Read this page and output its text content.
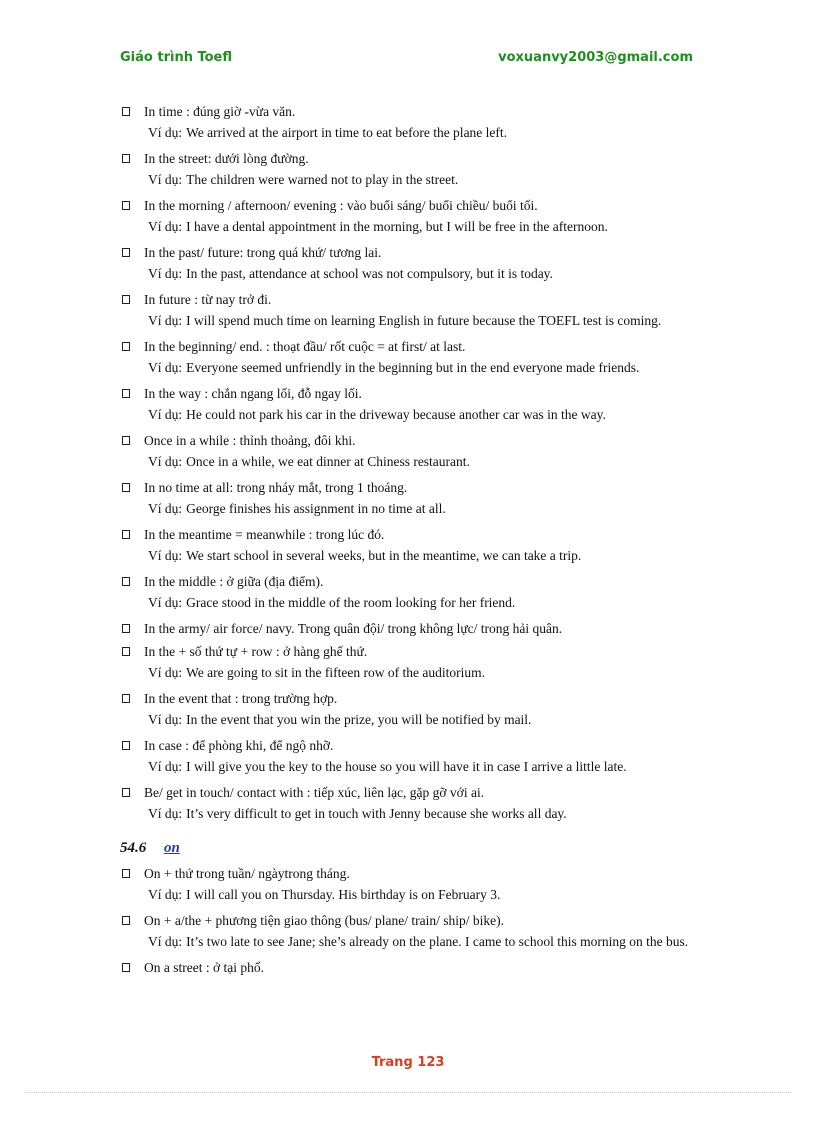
Giáo trình Toefl	voxuanvy2003@gmail.com
In time : đúng giờ -vừa văn.
Ví dụ: We arrived at the airport in time to eat before the plane left.
In the street: dưới lòng đường.
Ví dụ: The children were warned not to play in the street.
In the morning / afternoon/ evening : vào buổi sáng/ buổi chiều/ buổi tối.
Ví dụ: I have a dental appointment in the morning, but I will be free in the afternoon.
In the past/ future: trong quá khứ/ tương lai.
Ví dụ: In the past, attendance at school was not compulsory, but it is today.
In future : từ nay trở đi.
Ví dụ: I will spend much time on learning English in future because the TOEFL test is coming.
In the beginning/ end. : thoạt đầu/ rốt cuộc = at first/ at last.
Ví dụ: Everyone seemed unfriendly in the beginning but in the end everyone made friends.
In the way : chắn ngang lối, đỗ ngay lối.
Ví dụ: He could not park his car in the driveway because another car was in the way.
Once in a while : thỉnh thoảng, đôi khi.
Ví dụ: Once in a while, we eat dinner at Chiness restaurant.
In no time at all: trong nháy mắt, trong 1 thoáng.
Ví dụ: George finishes his assignment in no time at all.
In the meantime = meanwhile : trong lúc đó.
Ví dụ: We start school in several weeks, but in the meantime, we can take a trip.
In the middle : ở giữa (địa điểm).
Ví dụ: Grace stood in the middle of the room looking for her friend.
In the army/ air force/ navy. Trong quân đội/ trong không lực/ trong hải quân.
In the + số thứ tự + row : ở hàng ghế thứ.
Ví dụ: We are going to sit in the fifteen row of the auditorium.
In the event that : trong trường hợp.
Ví dụ: In the event that you win the prize, you will be notified by mail.
In case : để phòng khi, để ngộ nhỡ.
Ví dụ: I will give you the key to the house so you will have it in case I arrive a little late.
Be/ get in touch/ contact with : tiếp xúc, liên lạc, gặp gỡ với ai.
Ví dụ: It’s very difficult to get in touch with Jenny because she works all day.
54.6 on
On + thứ trong tuần/ ngàytrong tháng.
Ví dụ: I will call you on Thursday. His birthday is on February 3.
On + a/the + phương tiện giao thông (bus/ plane/ train/ ship/ bike).
Ví dụ: It’s two late to see Jane; she’s already on the plane. I came to school this morning on the bus.
On a street : ở tại phố.
Trang 123
